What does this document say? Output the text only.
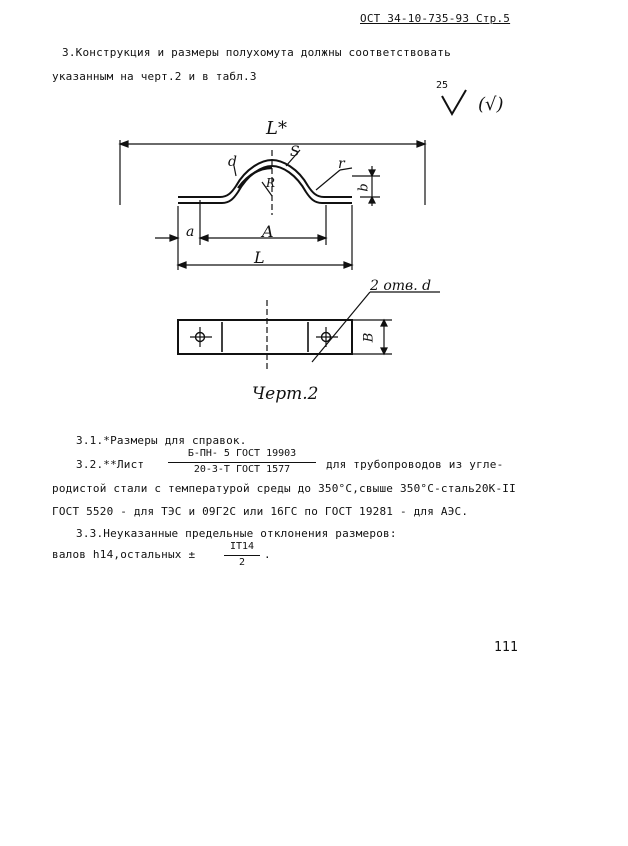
ОСТ 34-10-735-93 Стр.5
3.Конструкция и размеры полухомута должны соответствовать
указанным на черт.2 и в табл.3
25
(√)
L*
d
S
r
R	b
a	A
L
2 отв. d
B
Черт.2
3.1.*Размеры для справок.
3.2.**Лист
Б-ПН- 5 ГОСТ 19903
20-3-Т ГОСТ 1577	для трубопроводов из угле-
родистой стали с температурой среды до 350°С,свыше 350°С-сталь20К-II
ГОСТ 5520 - для ТЭС и 09Г2С или 16ГС по ГОСТ 19281 - для АЭС.
3.3.Неуказанные предельные отклонения размеров:
валов h14,остальных ±
IT14
2
.
111
